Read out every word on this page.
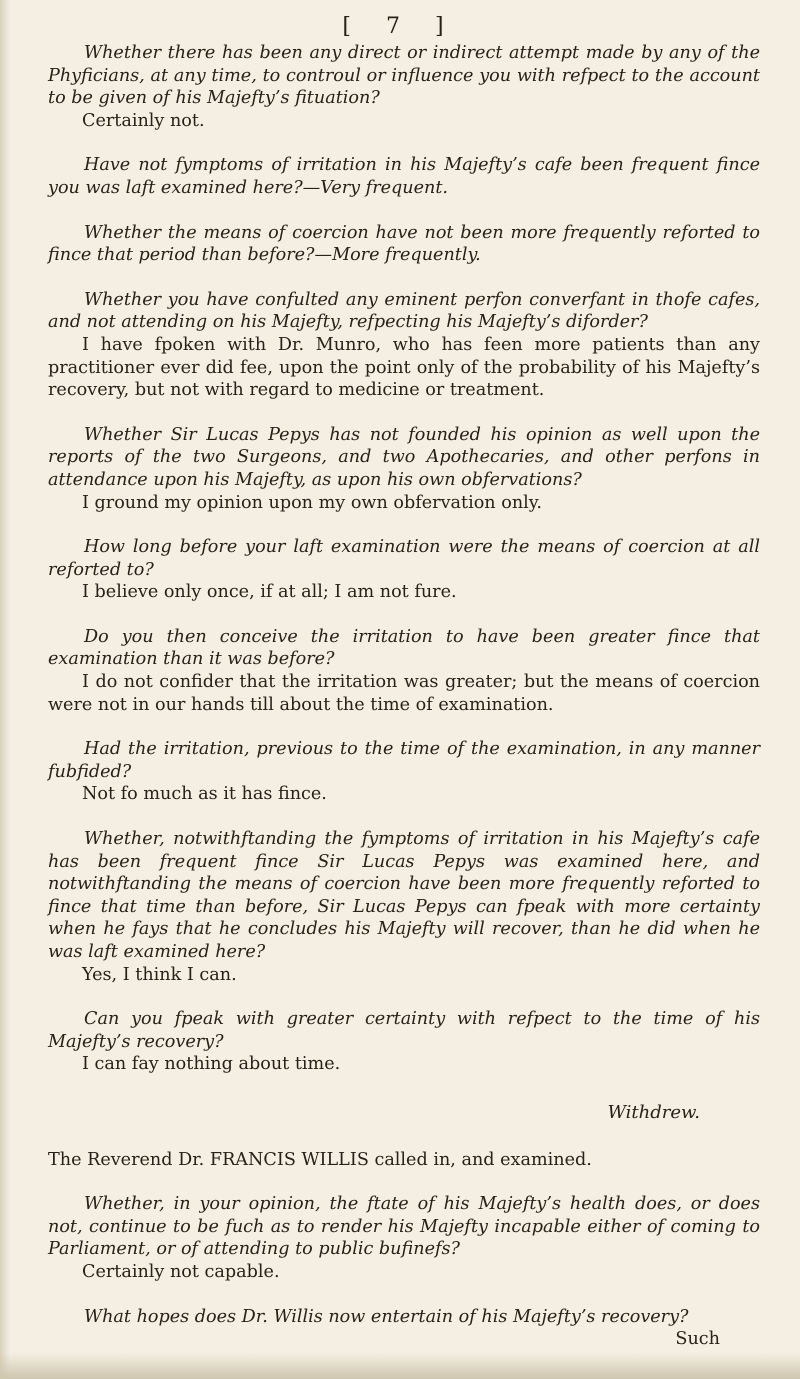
[ 7 ]

Whether there has been any direct or indirect attempt made by any of the Phyficians, at any time, to controul or influence you with refpect to the account to be given of his Majefty’s fituation?

Certainly not.

Have not fymptoms of irritation in his Majefty’s cafe been frequent fince you was laft examined here?—Very frequent.

Whether the means of coercion have not been more frequently reforted to fince that period than before?—More frequently.

Whether you have confulted any eminent perfon converfant in thofe cafes, and not attending on his Majefty, refpecting his Majefty’s diforder?

I have fpoken with Dr. Munro, who has feen more patients than any practitioner ever did fee, upon the point only of the probability of his Majefty’s recovery, but not with regard to medicine or treatment.

Whether Sir Lucas Pepys has not founded his opinion as well upon the reports of the two Surgeons, and two Apothecaries, and other perfons in attendance upon his Majefty, as upon his own obfervations?

I ground my opinion upon my own obfervation only.

How long before your laft examination were the means of coercion at all reforted to?

I believe only once, if at all; I am not fure.

Do you then conceive the irritation to have been greater fince that examination than it was before?

I do not confider that the irritation was greater; but the means of coercion were not in our hands till about the time of examination.

Had the irritation, previous to the time of the examination, in any manner fubfided?

Not fo much as it has fince.

Whether, notwithftanding the fymptoms of irritation in his Majefty’s cafe has been frequent fince Sir Lucas Pepys was examined here, and notwithftanding the means of coercion have been more frequently reforted to fince that time than before, Sir Lucas Pepys can fpeak with more certainty when he fays that he concludes his Majefty will recover, than he did when he was laft examined here?

Yes, I think I can.

Can you fpeak with greater certainty with refpect to the time of his Majefty’s recovery?

I can fay nothing about time.

Withdrew.

The Reverend Dr. FRANCIS WILLIS called in, and examined.

Whether, in your opinion, the ftate of his Majefty’s health does, or does not, continue to be fuch as to render his Majefty incapable either of coming to Parliament, or of attending to public bufinefs?

Certainly not capable.

What hopes does Dr. Willis now entertain of his Majefty’s recovery?

Such
